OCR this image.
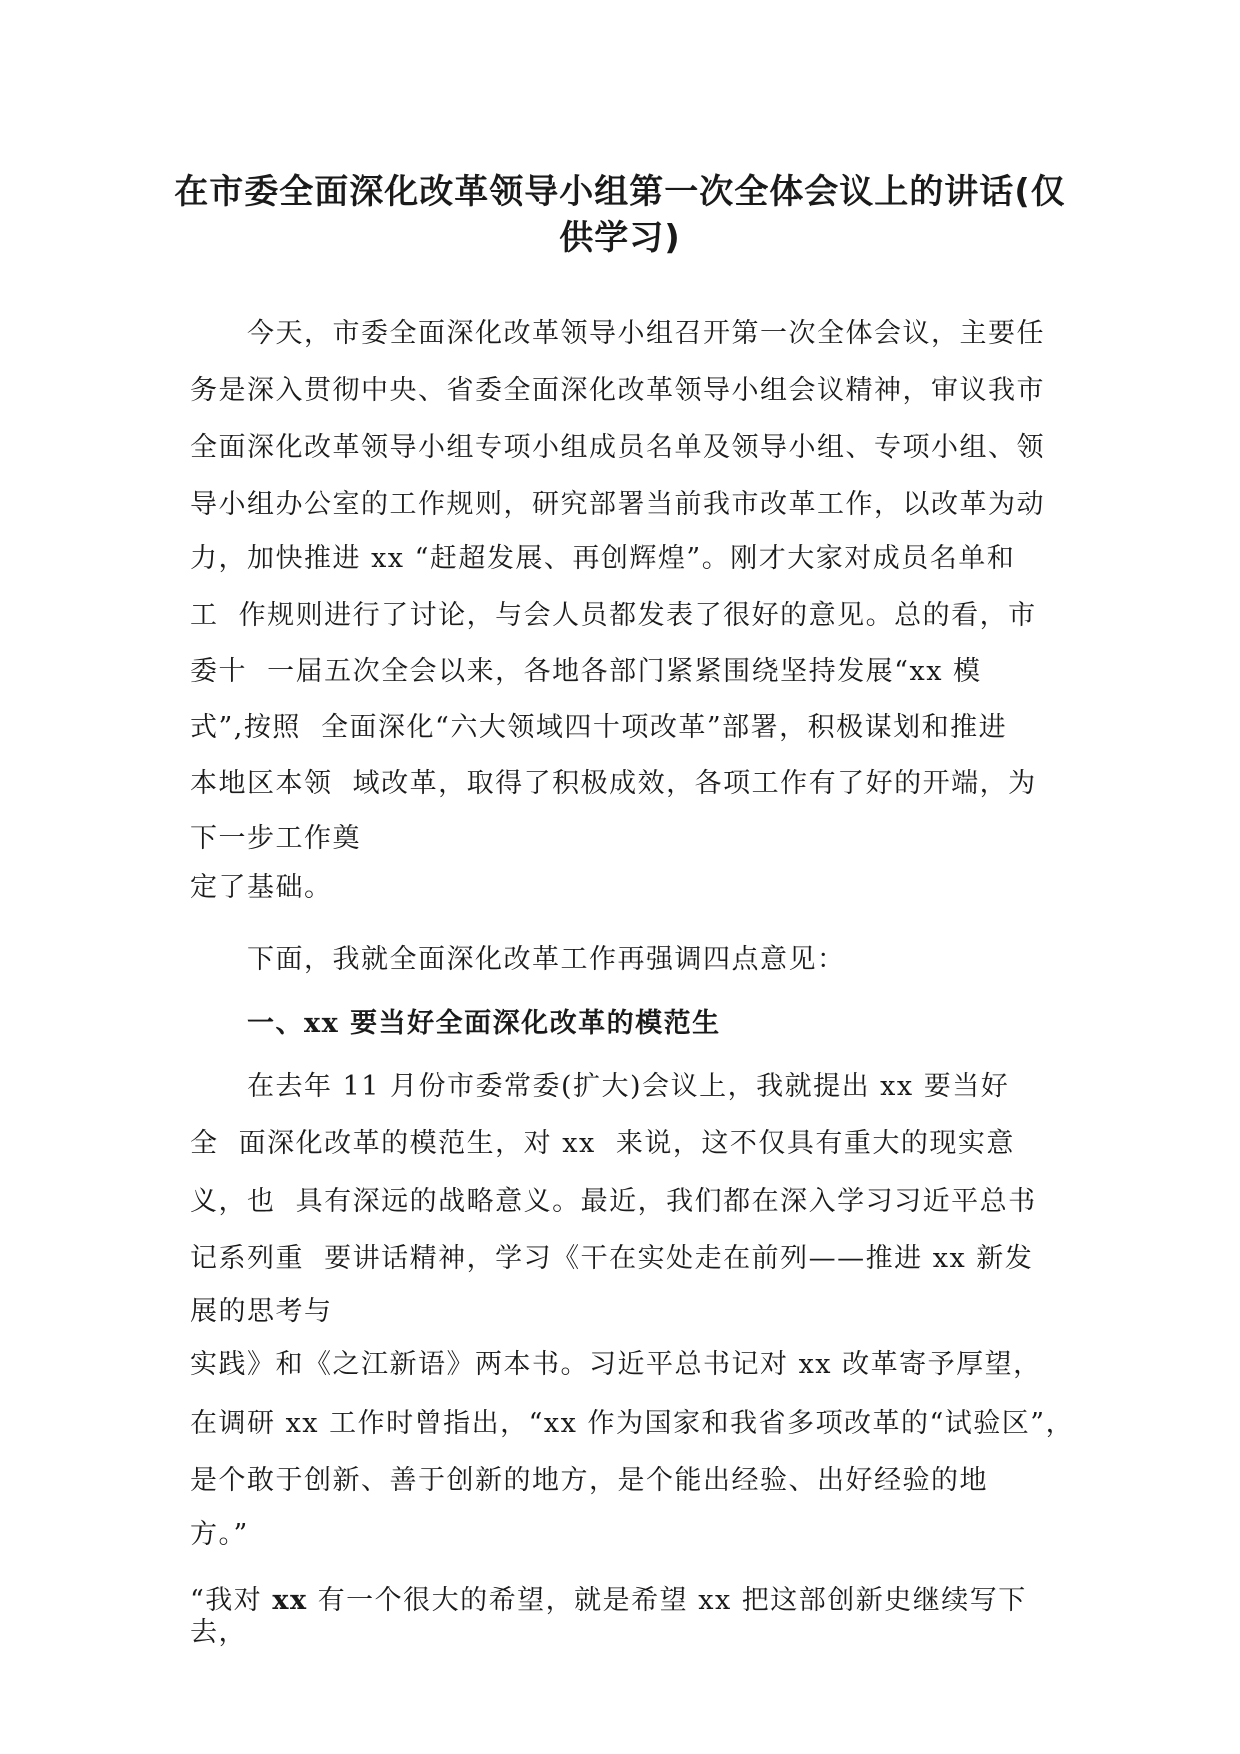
在市委全面深化改革领导小组第一次全体会议上的讲话(仅
供学习)

　　今天，市委全面深化改革领导小组召开第一次全体会议，主要任

务是深入贯彻中央、省委全面深化改革领导小组会议精神，审议我市

全面深化改革领导小组专项小组成员名单及领导小组、专项小组、领

导小组办公室的工作规则，研究部署当前我市改革工作，以改革为动

力，加快推进 xx “赶超发展、再创辉煌”。刚才大家对成员名单和

工  作规则进行了讨论，与会人员都发表了很好的意见。总的看，市

委十  一届五次全会以来，各地各部门紧紧围绕坚持发展“xx 模

式”,按照  全面深化“六大领域四十项改革”部署，积极谋划和推进

本地区本领  域改革，取得了积极成效，各项工作有了好的开端，为

下一步工作奠

定了基础。

　　下面，我就全面深化改革工作再强调四点意见：

　　一、xx 要当好全面深化改革的模范生

　　在去年 11 月份市委常委(扩大)会议上，我就提出 xx 要当好

全  面深化改革的模范生，对 xx  来说，这不仅具有重大的现实意

义，也  具有深远的战略意义。最近，我们都在深入学习习近平总书

记系列重  要讲话精神，学习《干在实处走在前列——推进 xx 新发

展的思考与

实践》和《之江新语》两本书。习近平总书记对 xx 改革寄予厚望，

在调研 xx 工作时曾指出，“xx 作为国家和我省多项改革的“试验区”，

是个敢于创新、善于创新的地方，是个能出经验、出好经验的地

方。”

“我对 xx 有一个很大的希望，就是希望 xx 把这部创新史继续写下

去，
